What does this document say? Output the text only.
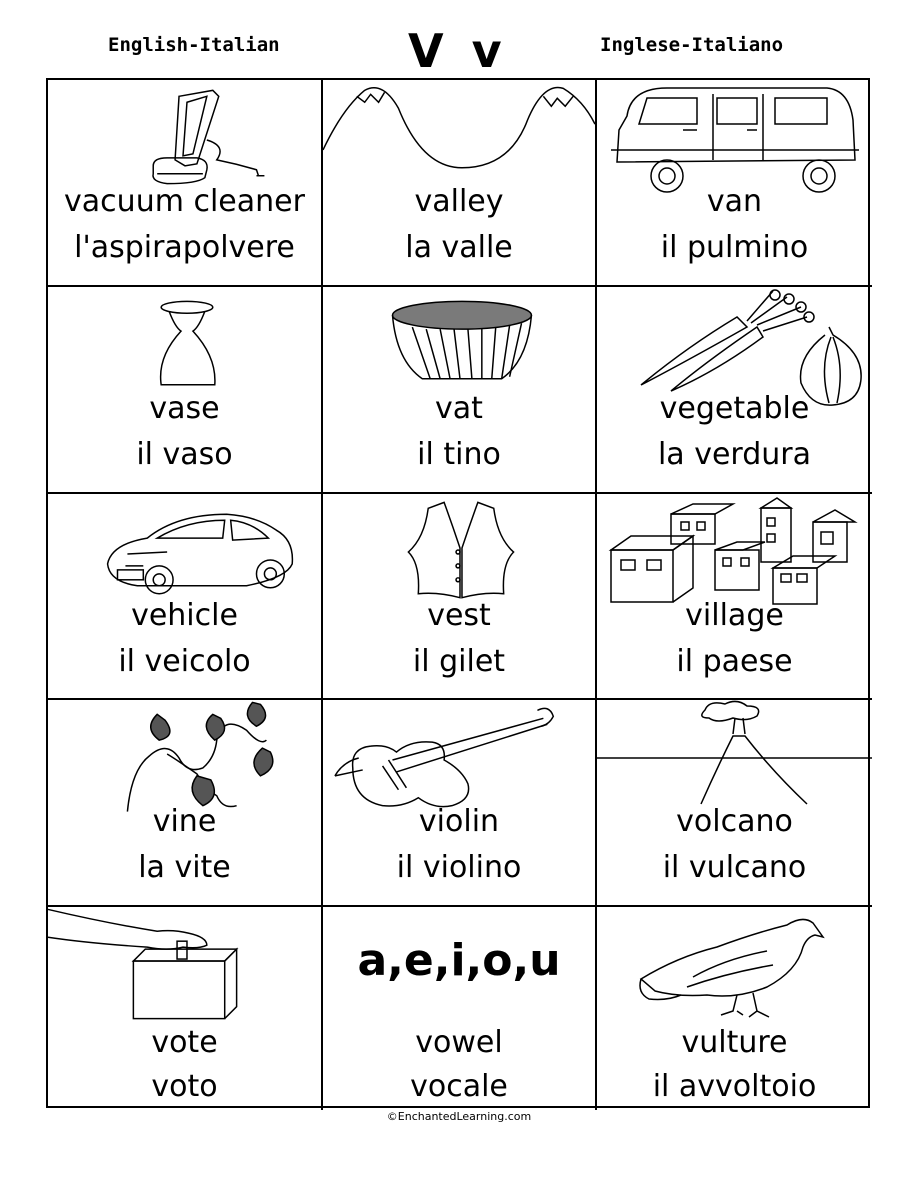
English-Italian	V v	Inglese-Italiano
vacuum cleaner
l'aspirapolvere
valley
la valle
van
il pulmino
vase
il vaso
vat
il tino
vegetable
la verdura
vehicle
il veicolo
vest
il gilet
village
il paese
vine
la vite
violin
il violino
volcano
il vulcano
vote
voto
a,e,i,o,u
vowel
vocale
vulture
il avvoltoio
©EnchantedLearning.com
